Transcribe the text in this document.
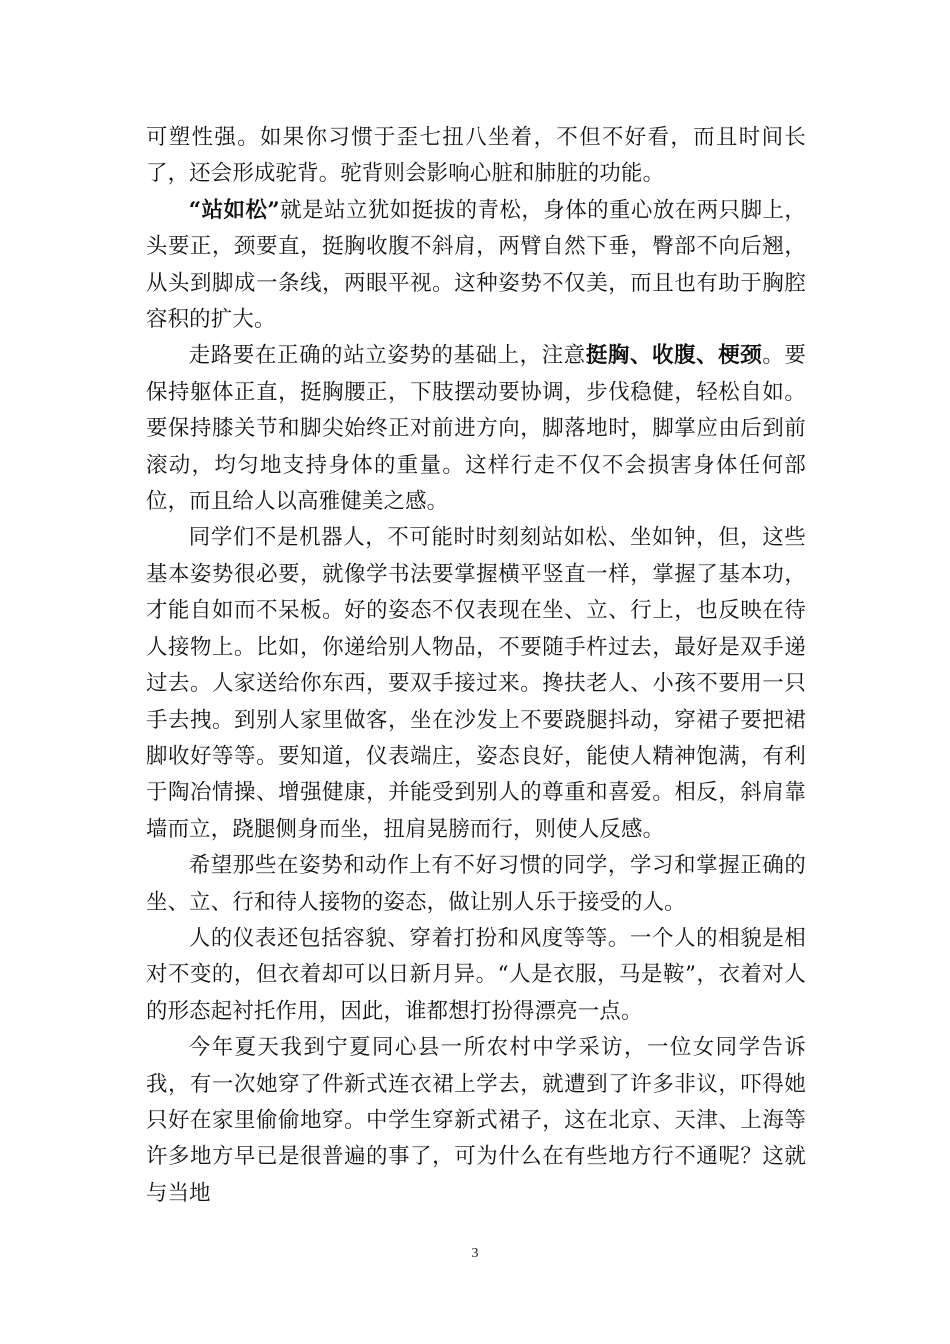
可塑性强。如果你习惯于歪七扭八坐着，不但不好看，而且时间长了，还会形成驼背。驼背则会影响心脏和肺脏的功能。

“站如松”就是站立犹如挺拔的青松，身体的重心放在两只脚上，头要正，颈要直，挺胸收腹不斜肩，两臂自然下垂，臀部不向后翘，从头到脚成一条线，两眼平视。这种姿势不仅美，而且也有助于胸腔容积的扩大。

走路要在正确的站立姿势的基础上，注意挺胸、收腹、梗颈。要保持躯体正直，挺胸腰正，下肢摆动要协调，步伐稳健，轻松自如。要保持膝关节和脚尖始终正对前进方向，脚落地时，脚掌应由后到前滚动，均匀地支持身体的重量。这样行走不仅不会损害身体任何部位，而且给人以高雅健美之感。

同学们不是机器人，不可能时时刻刻站如松、坐如钟，但，这些基本姿势很必要，就像学书法要掌握横平竖直一样，掌握了基本功，才能自如而不呆板。好的姿态不仅表现在坐、立、行上，也反映在待人接物上。比如，你递给别人物品，不要随手杵过去，最好是双手递过去。人家送给你东西，要双手接过来。搀扶老人、小孩不要用一只手去拽。到别人家里做客，坐在沙发上不要跷腿抖动，穿裙子要把裙脚收好等等。要知道，仪表端庄，姿态良好，能使人精神饱满，有利于陶冶情操、增强健康，并能受到别人的尊重和喜爱。相反，斜肩靠墙而立，跷腿侧身而坐，扭肩晃膀而行，则使人反感。

希望那些在姿势和动作上有不好习惯的同学，学习和掌握正确的坐、立、行和待人接物的姿态，做让别人乐于接受的人。

人的仪表还包括容貌、穿着打扮和风度等等。一个人的相貌是相对不变的，但衣着却可以日新月异。“人是衣服，马是鞍”，衣着对人的形态起衬托作用，因此，谁都想打扮得漂亮一点。

今年夏天我到宁夏同心县一所农村中学采访，一位女同学告诉我，有一次她穿了件新式连衣裙上学去，就遭到了许多非议，吓得她只好在家里偷偷地穿。中学生穿新式裙子，这在北京、天津、上海等许多地方早已是很普遍的事了，可为什么在有些地方行不通呢？这就与当地

3
